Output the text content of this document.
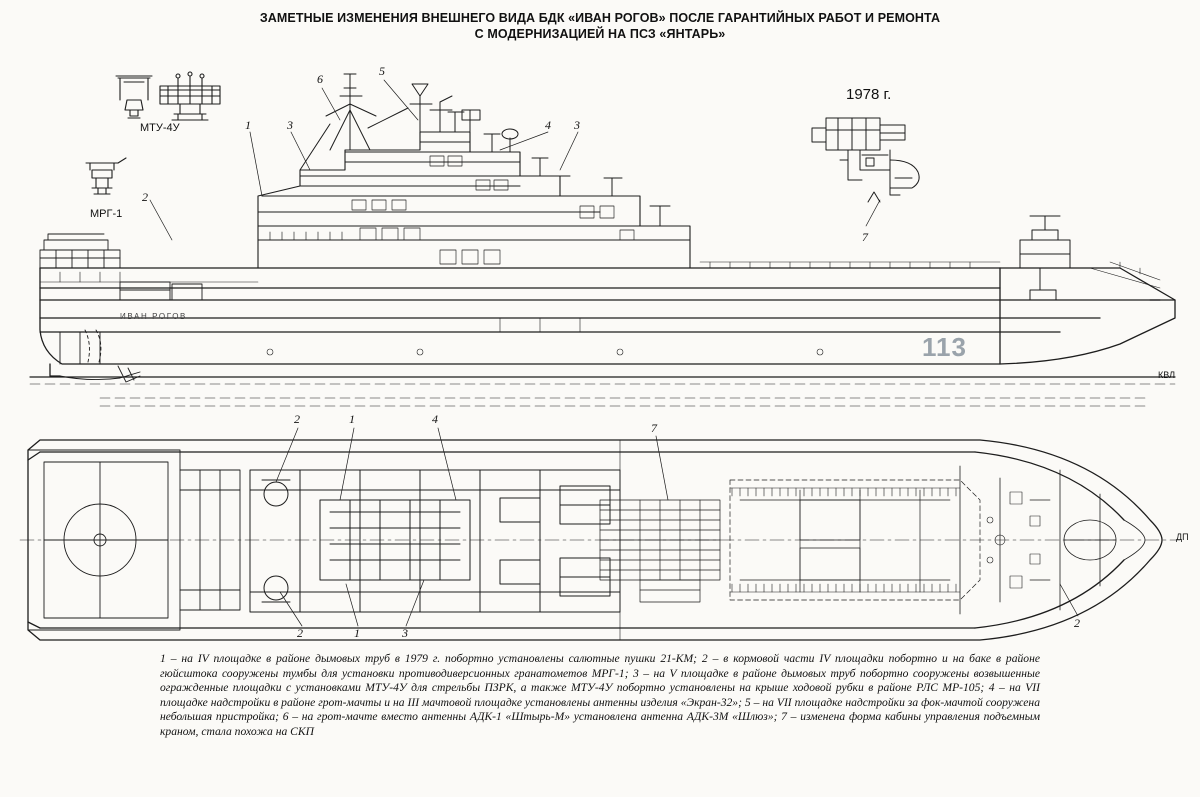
ЗАМЕТНЫЕ ИЗМЕНЕНИЯ ВНЕШНЕГО ВИДА БДК «ИВАН РОГОВ» ПОСЛЕ ГАРАНТИЙНЫХ РАБОТ И РЕМОНТА
С МОДЕРНИЗАЦИЕЙ НА ПСЗ «ЯНТАРЬ»
МТУ-4У
МРГ-1
1978 г.
ИВАН РОГОВ
113
КВЛ
ДП
1	3
6
5
4 3
2
7
2	1	4
7
2	1	3
2

1 – на IV площадке в районе дымовых труб в 1979 г. побортно установлены салютные пушки 21-КМ; 2 – в кормовой части IV площадки побортно и на баке в районе гюйсштока сооружены тумбы для установки противодиверсионных гранатометов МРГ-1; 3 – на V площадке в районе дымовых труб побортно сооружены возвышенные огражденные площадки с установками МТУ-4У для стрельбы ПЗРК, а также МТУ-4У побортно установлены на крыше ходовой рубки в районе РЛС МР-105; 4 – на VII площадке надстройки в районе грот-мачты и на III мачтовой площадке установлены антенны изделия «Экран-32»; 5 – на VII площадке надстройки за фок-мачтой сооружена небольшая пристройка; 6 – на грот-мачте вместо антенны АДК-1 «Штырь-М» установлена антенна АДК-3М «Шлюз»; 7 – изменена форма кабины управления подъемным краном, стала похожа на СКП
